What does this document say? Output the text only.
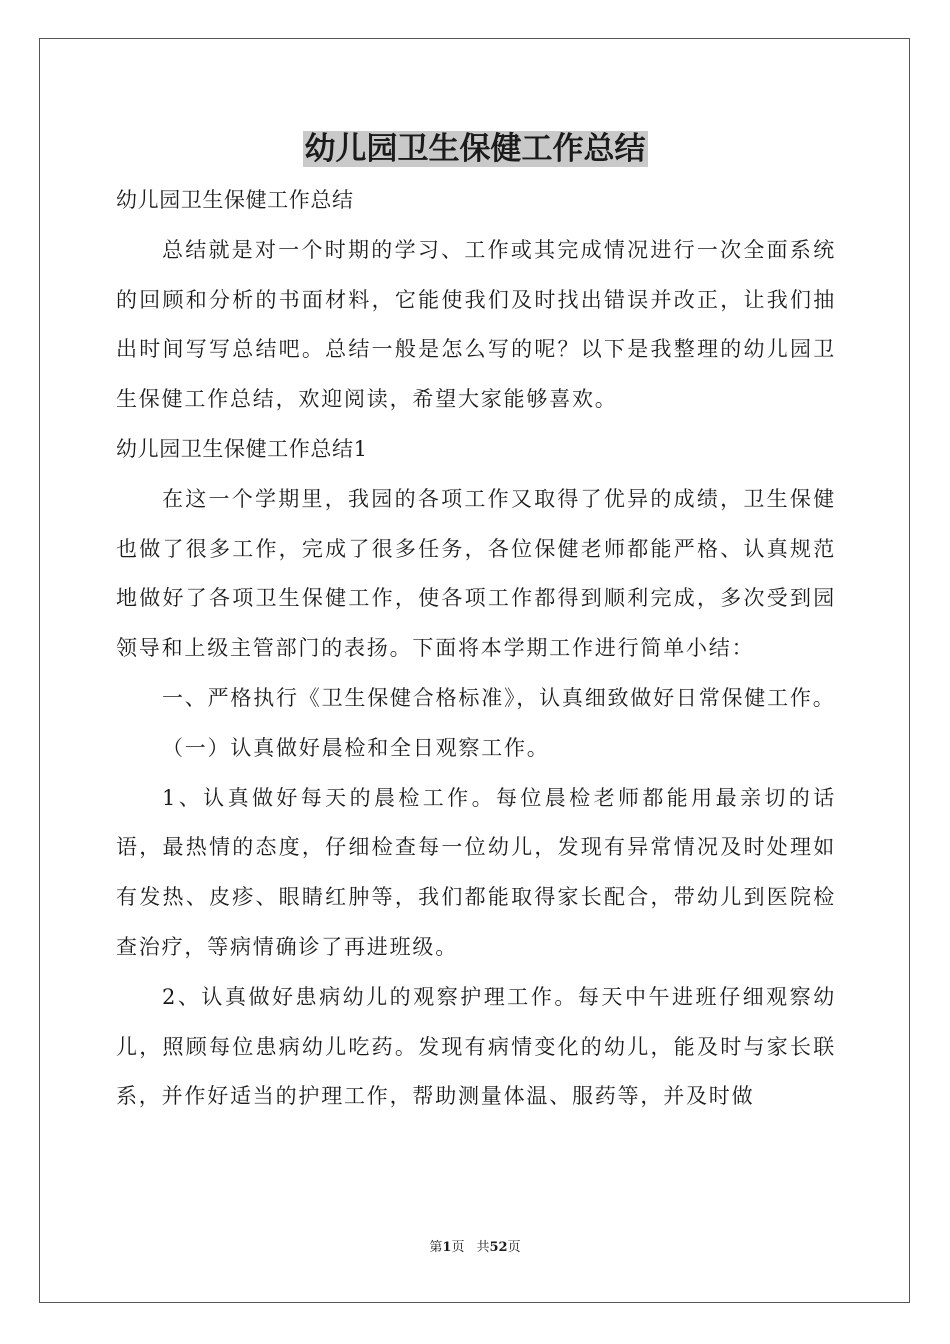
幼儿园卫生保健工作总结

幼儿园卫生保健工作总结

总结就是对一个时期的学习、工作或其完成情况进行一次全面系统的回顾和分析的书面材料，它能使我们及时找出错误并改正，让我们抽出时间写写总结吧。总结一般是怎么写的呢？以下是我整理的幼儿园卫生保健工作总结，欢迎阅读，希望大家能够喜欢。

幼儿园卫生保健工作总结1

在这一个学期里，我园的各项工作又取得了优异的成绩，卫生保健也做了很多工作，完成了很多任务，各位保健老师都能严格、认真规范地做好了各项卫生保健工作，使各项工作都得到顺利完成，多次受到园领导和上级主管部门的表扬。下面将本学期工作进行简单小结：

一、严格执行《卫生保健合格标准》，认真细致做好日常保健工作。

（一）认真做好晨检和全日观察工作。

1、认真做好每天的晨检工作。每位晨检老师都能用最亲切的话语，最热情的态度，仔细检查每一位幼儿，发现有异常情况及时处理如有发热、皮疹、眼睛红肿等，我们都能取得家长配合，带幼儿到医院检查治疗，等病情确诊了再进班级。

2、认真做好患病幼儿的观察护理工作。每天中午进班仔细观察幼儿，照顾每位患病幼儿吃药。发现有病情变化的幼儿，能及时与家长联系，并作好适当的护理工作，帮助测量体温、服药等，并及时做

第1页 共52页
